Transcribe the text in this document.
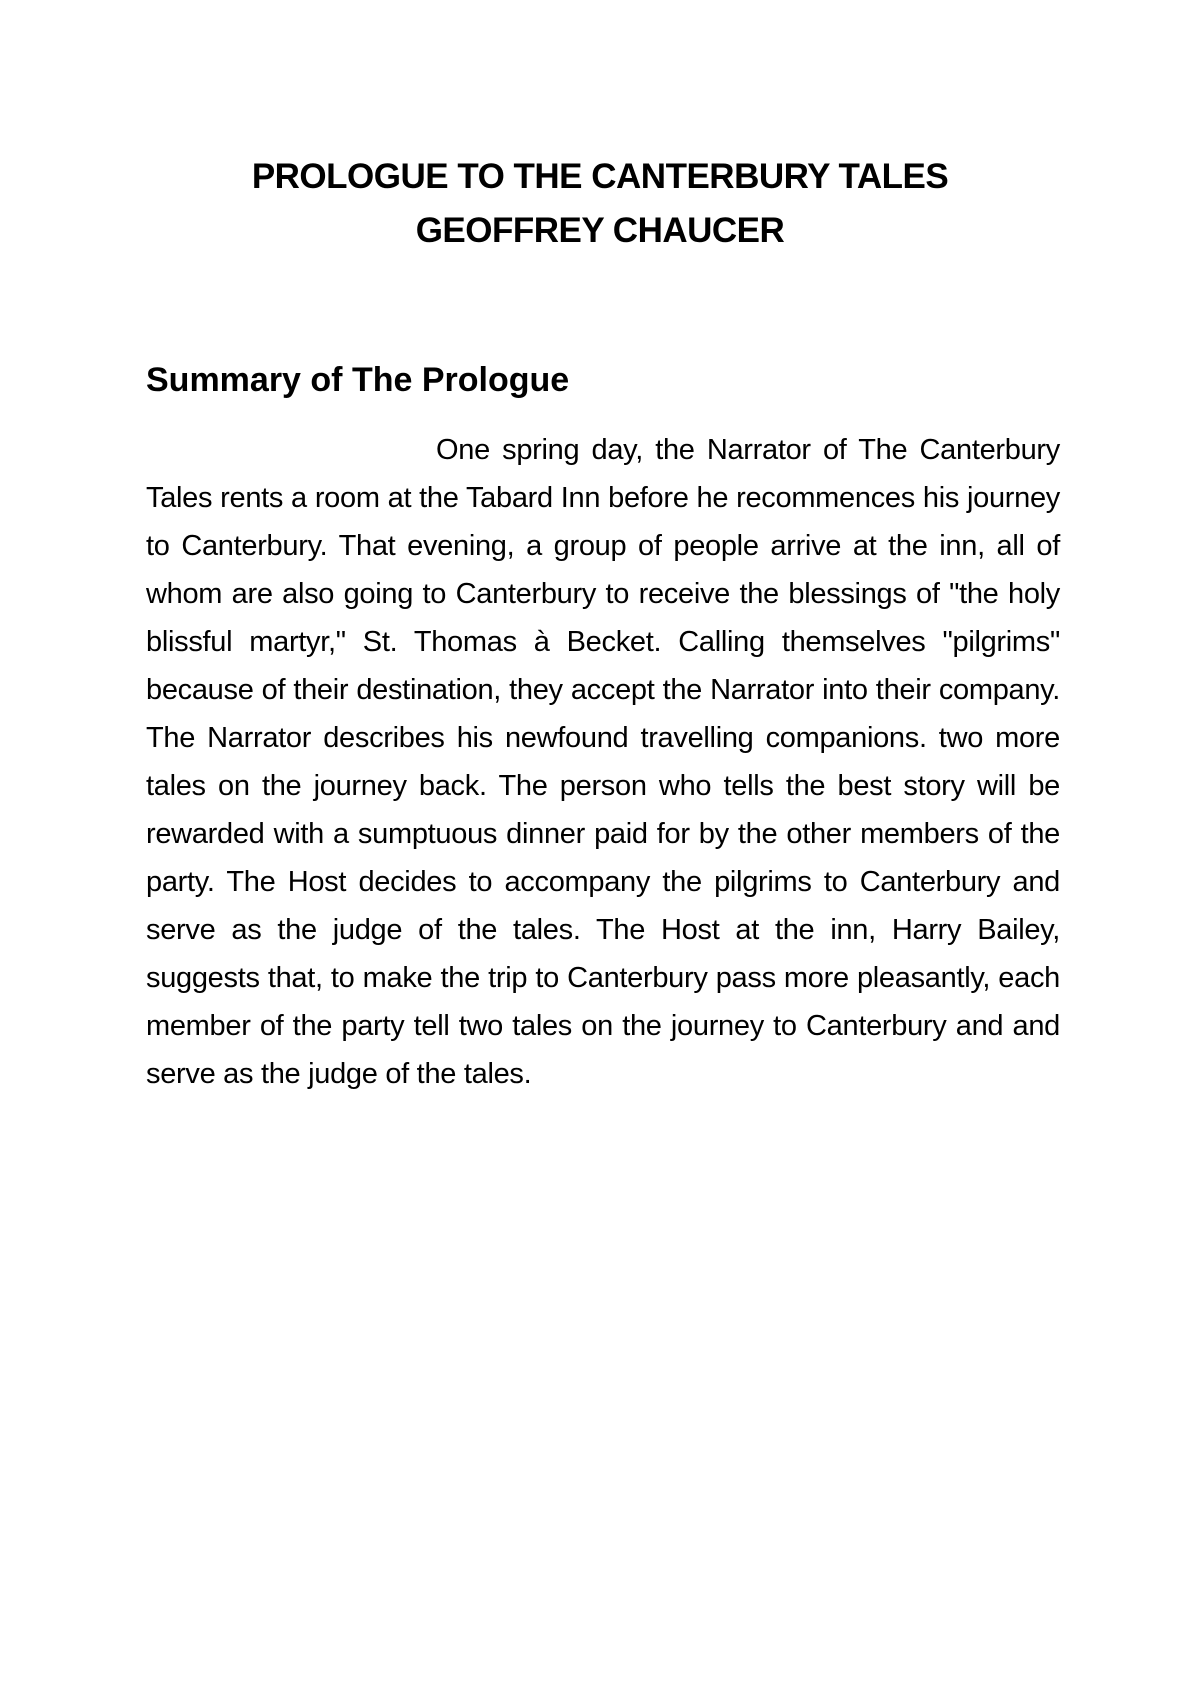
PROLOGUE TO THE CANTERBURY TALES

GEOFFREY CHAUCER

Summary of The Prologue

One spring day, the Narrator of The Canterbury Tales rents a room at the Tabard Inn before he recommences his journey to Canterbury. That evening, a group of people arrive at the inn, all of whom are also going to Canterbury to receive the blessings of "the holy blissful martyr," St. Thomas à Becket. Calling themselves "pilgrims" because of their destination, they accept the Narrator into their company. The Narrator describes his newfound travelling companions. two more tales on the journey back. The person who tells the best story will be rewarded with a sumptuous dinner paid for by the other members of the party. The Host decides to accompany the pilgrims to Canterbury and serve as the judge of the tales. The Host at the inn, Harry Bailey, suggests that, to make the trip to Canterbury pass more pleasantly, each member of the party tell two tales on the journey to Canterbury and and serve as the judge of the tales.
